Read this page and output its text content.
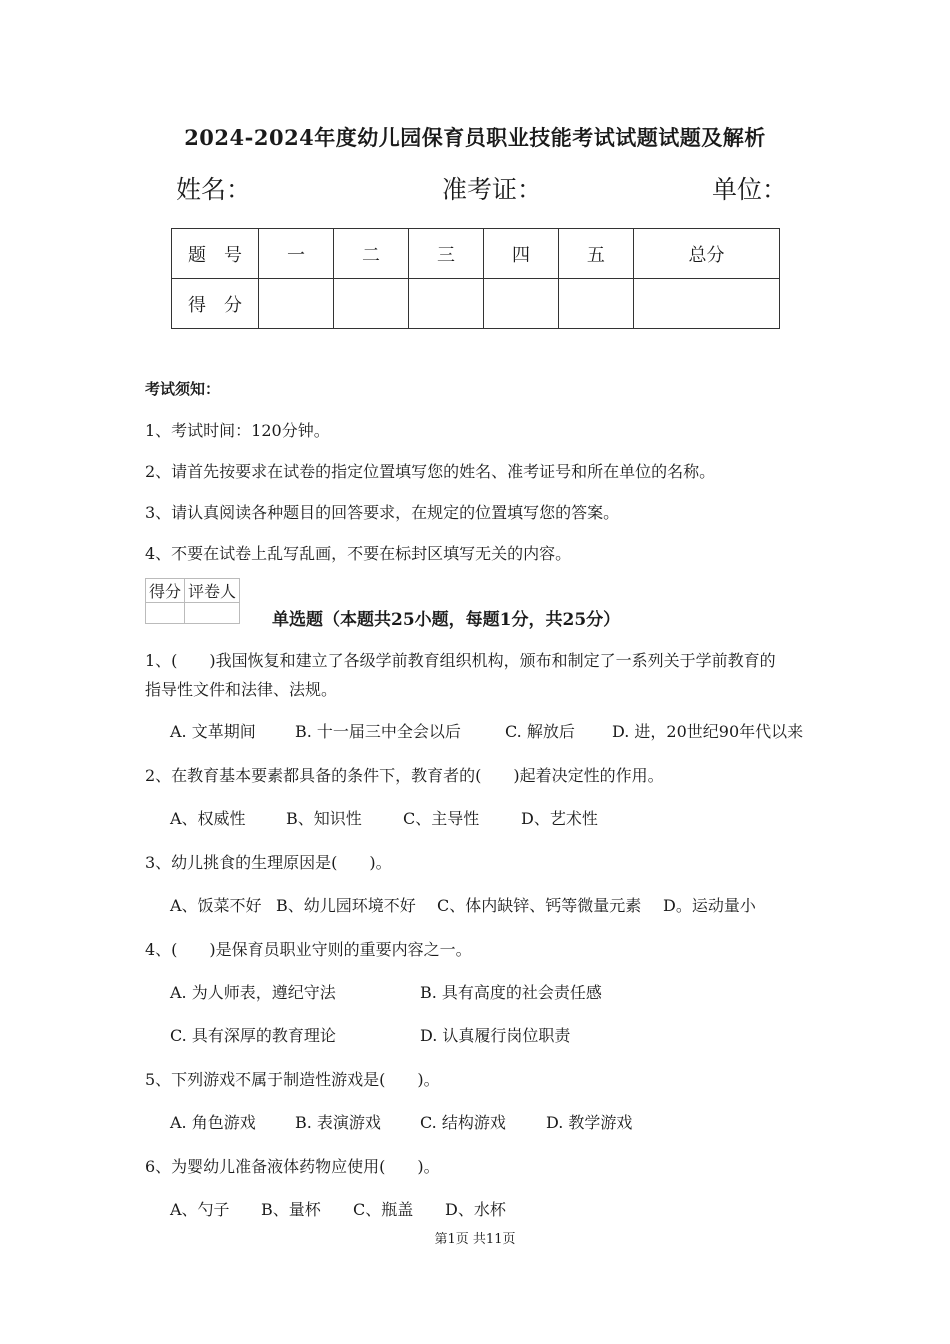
2024-2024年度幼儿园保育员职业技能考试试题试题及解析
姓名：	准考证：	单位：
题　号	一	二	三	四	五	总分
得　分						
考试须知：
1、考试时间：120分钟。
2、请首先按要求在试卷的指定位置填写您的姓名、准考证号和所在单位的名称。
3、请认真阅读各种题目的回答要求，在规定的位置填写您的答案。
4、不要在试卷上乱写乱画，不要在标封区填写无关的内容。
得分	评卷人

单选题（本题共25小题，每题1分，共25分）
1、(　　)我国恢复和建立了各级学前教育组织机构，颁布和制定了一系列关于学前教育的
指导性文件和法律、法规。
A. 文革期间 B. 十一届三中全会以后	C. 解放后 D. 进，20世纪90年代以来
2、在教育基本要素都具备的条件下，教育者的(　　)起着决定性的作用。
A、权威性	B、知识性	C、主导性	D、艺术性
3、幼儿挑食的生理原因是(　　)。
A、饭菜不好 B、幼儿园环境不好 C、体内缺锌、钙等微量元素 D。运动量小
4、(　　)是保育员职业守则的重要内容之一。
A. 为人师表，遵纪守法	B. 具有高度的社会责任感
C. 具有深厚的教育理论	D. 认真履行岗位职责
5、下列游戏不属于制造性游戏是(　　)。
A. 角色游戏 B. 表演游戏 C. 结构游戏	D. 教学游戏
6、为婴幼儿准备液体药物应使用(　　)。
A、勺子 B、量杯 C、瓶盖 D、水杯
第1页 共11页
